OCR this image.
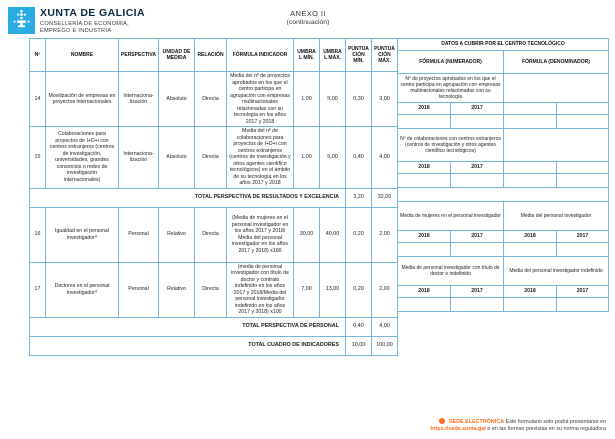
XUNTA DE GALICIA
CONSELLERÍA DE ECONOMÍA,
EMPREGO E INDUSTRIA
ANEXO II
(continuación)
Nº	NOMBRE	PERSPECTIVA	UNIDAD DE MEDIDA	RELACIÓN	FÓRMULA INDICADOR	UMBRAL MÍN.	UMBRAL MÁX.	PUNTUACIÓN MÍN.	PUNTUACIÓN MÁX.
14	Movilización de empresas en proyectos internacionales	Internaciona-lización	Absoluto	Directa	Media del nº de proyectos aprobados en los que el centro participa en agrupación con empresas multinacionales relacionadas con su tecnología en los años 2017 y 2018	1,00	5,00	0,30	3,00
15	Colaboraciones para proyectos de I+D+i con centros extranjeros (centros de investigación, universidades, grandes consorcios o redes de investigación internacionales)	Internaciona-lización	Absoluto	Directa	Media del nº de colaboraciones para proyectos de I+D+i con centros extranjeros (centros de investigación y otros agentes científico tecnológicos) en el ámbito de su tecnología en los años 2017 y 2018	1,00	5,00	0,40	4,00
TOTAL PERSPECTIVA DE RESULTADOS Y EXCELENCIA								3,20	32,00
16	Igualdad en el personal investigador⁸	Personal	Relativo	Directa	(Media de mujeres en el personal investigador en los años 2017 y 2018/ Media del personal investigador en los años 2017 y 2018) x100	30,00	40,00	0,20	2,00
17	Doctores en el personal investigador⁹	Personal	Relativo	Directa	(media de personal investigador con título de doctor y contrato indefinido en los años 2017 y 2018/Media del personal investigador indefinido en los años 2017 y 2018) x100	7,00	13,00	0,20	2,00
TOTAL PERSPECTIVA DE PERSONAL								0,40	4,00
TOTAL CUADRO DE INDICADORES								10,00	100,00
DATOS A CUBRIR POR EL CENTRO TECNOLÓGICO			
FÓRMULA (NUMERADOR)		FÓRMULA (DENOMINADOR)	
Nº de proyectos aprobados en los que el centro participa en agrupación con empresas multinacionales relacionadas con su tecnología			
2018	2017		

Nº de colaboraciones con centros extranjeros (centros de investigación y otros agentes científico tecnológicos)			
2018	2017		

Media de mujeres en el personal investigador		Media del personal investigador	
2018	2017	2018	2017

Media de personal investigador con título de doctor e indefinido		Media del personal investigador indefinido	
2018	2017	2018	2017

SEDE ELECTRÓNICA Este formulario solo podrá presentarse en
https://sede.xunta.gal o en las formas previstas en su norma reguladora
